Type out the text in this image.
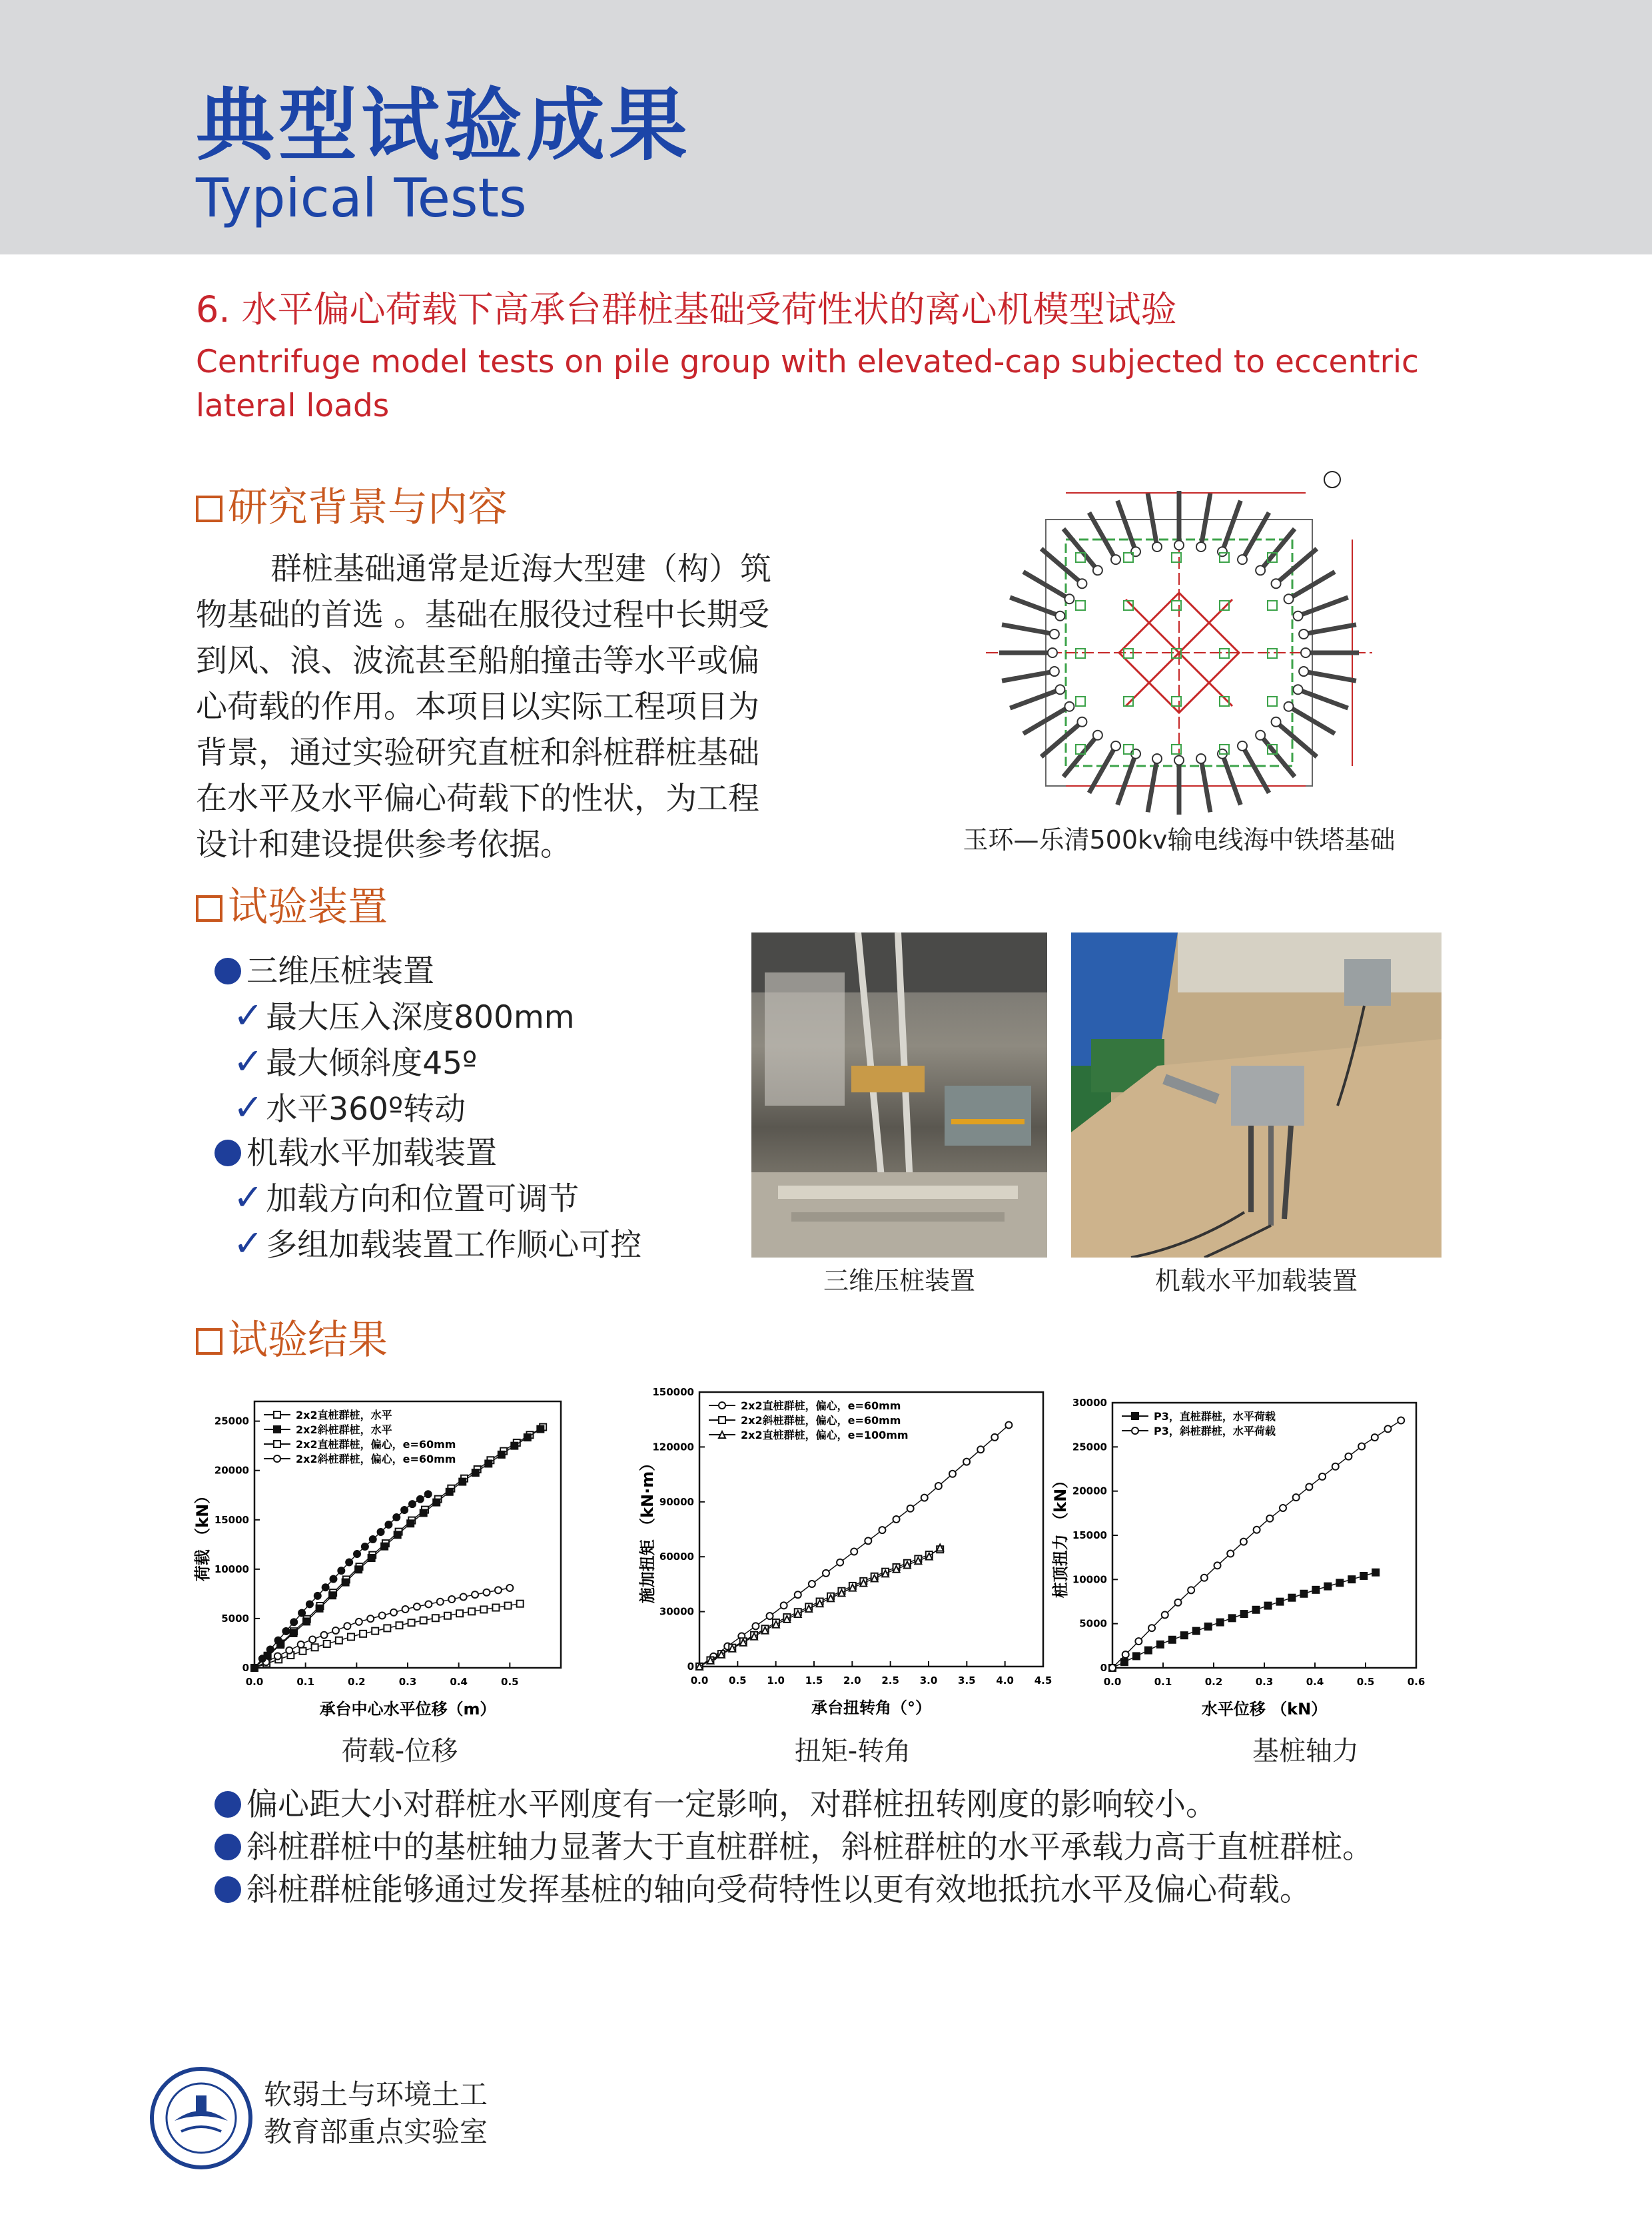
典型试验成果
Typical Tests
6. 水平偏心荷载下高承台群桩基础受荷性状的离心机模型试验
Centrifuge model tests on pile group with elevated-cap subjected to eccentric
lateral loads
研究背景与内容
群桩基础通常是近海大型建（构）筑
物基础的首选 。基础在服役过程中长期受
到风、浪、波流甚至船舶撞击等水平或偏
心荷载的作用。本项目以实际工程项目为
背景，通过实验研究直桩和斜桩群桩基础
在水平及水平偏心荷载下的性状，为工程
设计和建设提供参考依据。	玉环—乐清500kv输电线海中铁塔基础
试验装置
三维压桩装置
✓最大压入深度800mm
✓最大倾斜度45º
✓水平360º转动
机载水平加载装置
✓加载方向和位置可调节
✓多组加载装置工作顺心可控
三维压桩装置	机载水平加载装置
试验结果
0.0	0.1	0.2	0.3	0.4	0.5
0
5000
10000
15000
20000
25000
承台中心水平位移（m）
荷载 （kN）
2x2直桩群桩，水平
2x2斜桩群桩，水平
2x2直桩群桩，偏心，e=60mm
2x2斜桩群桩，偏心，e=60mm
0.0 0.5 1.0 1.5 2.0 2.5 3.0 3.5 4.0 4.5
0
30000
60000
90000
120000
150000
承台扭转角（°）
施加扭矩 （kN·m）
2x2直桩群桩，偏心，e=60mm
2x2斜桩群桩，偏心，e=60mm
2x2直桩群桩，偏心，e=100mm
0.0	0.1	0.2	0.3	0.4	0.5	0.6
0
5000
10000
15000
20000
25000
30000
水平位移 （kN）
桩顶扭力 （kN）
P3，直桩群桩，水平荷载
P3，斜桩群桩，水平荷载
荷载-位移	扭矩-转角	基桩轴力
偏心距大小对群桩水平刚度有一定影响，对群桩扭转刚度的影响较小。
斜桩群桩中的基桩轴力显著大于直桩群桩，斜桩群桩的水平承载力高于直桩群桩。
斜桩群桩能够通过发挥基桩的轴向受荷特性以更有效地抵抗水平及偏心荷载。
软弱土与环境土工
教育部重点实验室
